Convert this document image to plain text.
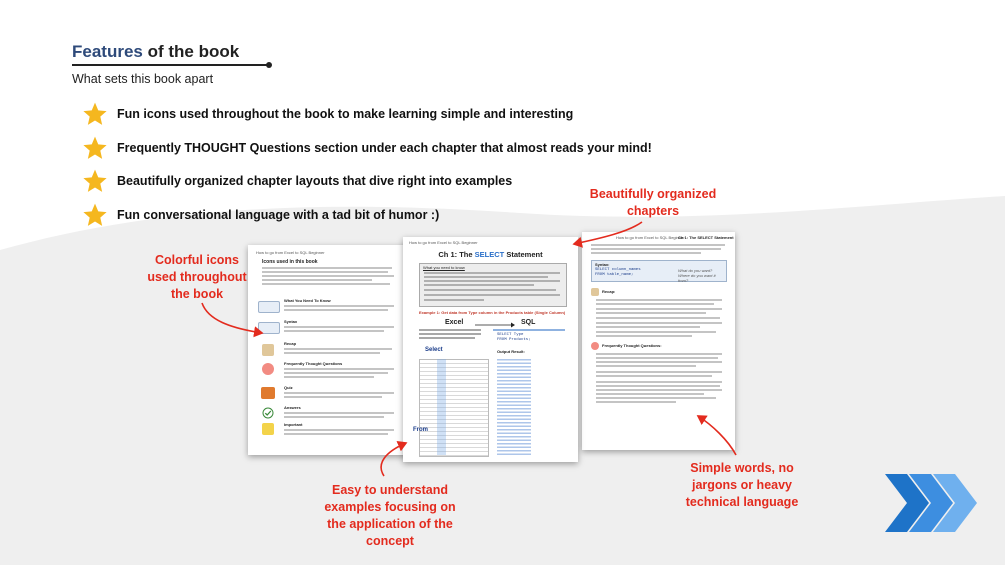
Features of the book
What sets this book apart
Fun icons used throughout the book to make learning simple and interesting
Frequently THOUGHT Questions section under each chapter that almost reads your mind!
Beautifully organized chapter layouts that dive right into examples
Fun conversational language with a tad bit of humor :)
How to go from Excel to SQL Beginner
Icons used in this book
What You Need To Know
Syntax
Recap
Frequently Thought Questions
Quiz
Answers
Important
How to go from Excel to SQL Beginner
Ch 1: The SELECT Statement
Syntax:
SELECT column_names
FROM table_name;
What do you want?
Where do you want it from?
Recap:
Frequently Thought Questions:
How to go from Excel to SQL Beginner
Ch 1: The SELECT Statement
What you need to know
Example 1: Get data from Type column in the Products table (Single Column)
Excel	SQL
SELECT Type
FROM Products;
Output Result:
Select
From
Colorful icons used throughout the book
Beautifully organized chapters
Easy to understand examples focusing on the application of the concept
Simple words, no jargons or heavy technical language
